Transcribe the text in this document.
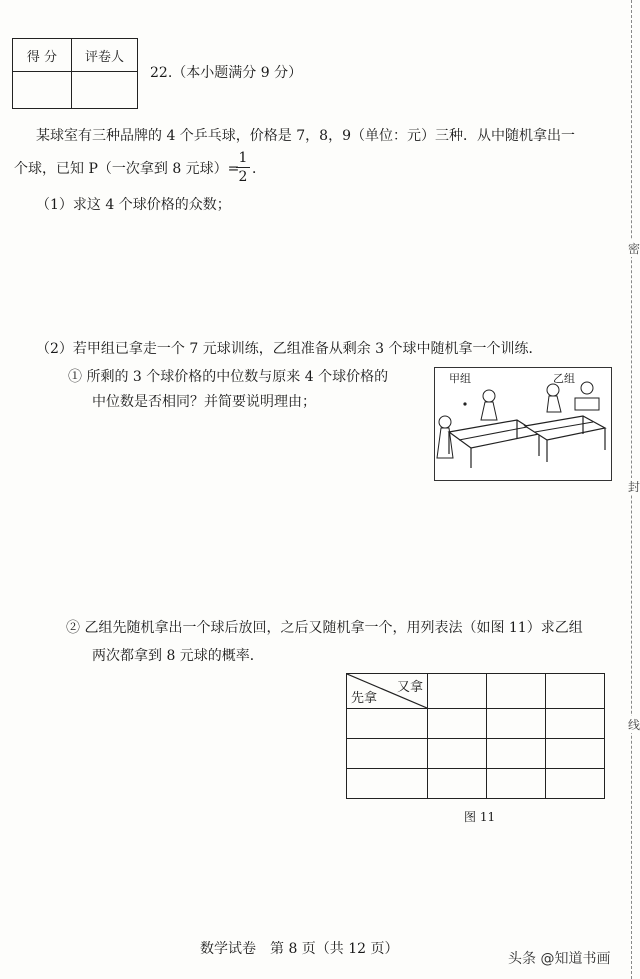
密
封
线
得 分	评卷人

22.（本小题满分 9 分）
某球室有三种品牌的 4 个乒乓球，价格是 7，8，9（单位：元）三种．从中随机拿出一
个球，已知 P（一次拿到 8 元球）=
1
2 ．
（1）求这 4 个球价格的众数；
（2）若甲组已拿走一个 7 元球训练，乙组准备从剩余 3 个球中随机拿一个训练．
① 所剩的 3 个球价格的中位数与原来 4 个球价格的
中位数是否相同？并简要说明理由；
甲组	乙组
② 乙组先随机拿出一个球后放回，之后又随机拿一个，用列表法（如图 11）求乙组
两次都拿到 8 元球的概率．
又拿
先拿			

图 11
数学试卷　第 8 页（共 12 页）
头条 @知道书画
